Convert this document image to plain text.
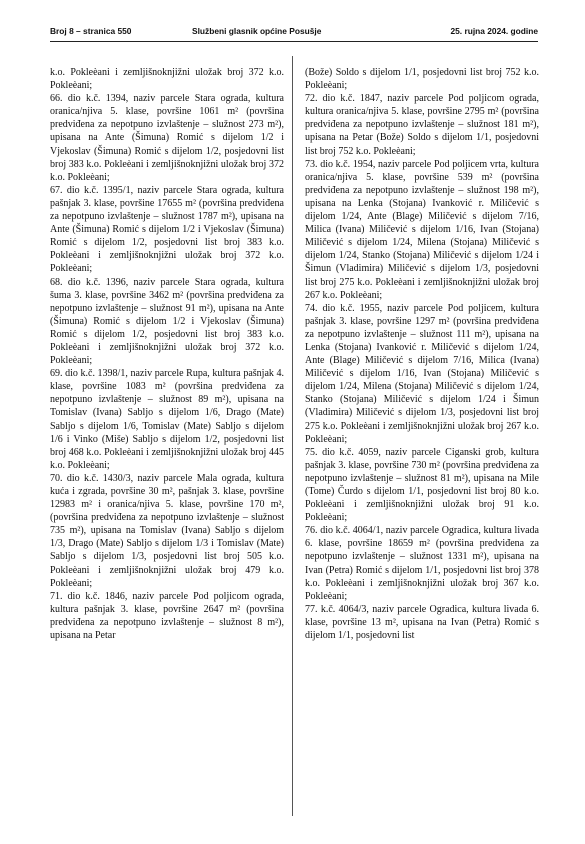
Broj 8 – stranica 550	Službeni glasnik općine Posušje	25. rujna 2024. godine

k.o. Pokleèani i zemljišnoknjižni uložak broj 372 k.o. Pokleèani;

66. dio k.č. 1394, naziv parcele Stara ograda, kultura oranica/njiva 5. klase, površine 1061 m² (površina predviđena za nepotpuno izvlaštenje – služnost 273 m²), upisana na Ante (Šimuna) Romić s dijelom 1/2 i Vjekoslav (Šimuna) Romić s dijelom 1/2, posjedovni list broj 383 k.o. Pokleèani i zemljišnoknjižni uložak broj 372 k.o. Pokleèani;

67. dio k.č. 1395/1, naziv parcele Stara ograda, kultura pašnjak 3. klase, površine 17655 m² (površina predviđena za nepotpuno izvlaštenje – služnost 1787 m²), upisana na Ante (Šimuna) Romić s dijelom 1/2 i Vjekoslav (Šimuna) Romić s dijelom 1/2, posjedovni list broj 383 k.o. Pokleèani i zemljišnoknjižni uložak broj 372 k.o. Pokleèani;

68. dio k.č. 1396, naziv parcele Stara ograda, kultura šuma 3. klase, površine 3462 m² (površina predviđena za nepotpuno izvlaštenje – služnost 91 m²), upisana na Ante (Šimuna) Romić s dijelom 1/2 i Vjekoslav (Šimuna) Romić s dijelom 1/2, posjedovni list broj 383 k.o. Pokleèani i zemljišnoknjižni uložak broj 372 k.o. Pokleèani;

69. dio k.č. 1398/1, naziv parcele Rupa, kultura pašnjak 4. klase, površine 1083 m² (površina predviđena za nepotpuno izvlaštenje – služnost 89 m²), upisana na Tomislav (Ivana) Sabljo s dijelom 1/6, Drago (Mate) Sabljo s dijelom 1/6, Tomislav (Mate) Sabljo s dijelom 1/6 i Vinko (Miše) Sabljo s dijelom 1/2, posjedovni list broj 468 k.o. Pokleèani i zemljišnoknjižni uložak broj 445 k.o. Pokleèani;

70. dio k.č. 1430/3, naziv parcele Mala ograda, kultura kuća i zgrada, površine 30 m², pašnjak 3. klase, površine 12983 m² i oranica/njiva 5. klase, površine 170 m², (površina predviđena za nepotpuno izvlaštenje – služnost 735 m²), upisana na Tomislav (Ivana) Sabljo s dijelom 1/3, Drago (Mate) Sabljo s dijelom 1/3 i Tomislav (Mate) Sabljo s dijelom 1/3, posjedovni list broj 505 k.o. Pokleèani i zemljišnoknjižni uložak broj 479 k.o. Pokleèani;

71. dio k.č. 1846, naziv parcele Pod poljicom ograda, kultura pašnjak 3. klase, površine 2647 m² (površina predviđena za nepotpuno izvlaštenje – služnost 8 m²), upisana na Petar

(Bože) Soldo s dijelom 1/1, posjedovni list broj 752 k.o. Pokleèani;

72. dio k.č. 1847, naziv parcele Pod poljicom ograda, kultura oranica/njiva 5. klase, površine 2795 m² (površina predviđena za nepotpuno izvlaštenje – služnost 181 m²), upisana na Petar (Bože) Soldo s dijelom 1/1, posjedovni list broj 752 k.o. Pokleèani;

73. dio k.č. 1954, naziv parcele Pod poljicem vrta, kultura oranica/njiva 5. klase, površine 539 m² (površina predviđena za nepotpuno izvlaštenje – služnost 198 m²), upisana na Lenka (Stojana) Ivanković r. Miličević s dijelom 1/24, Ante (Blage) Miličević s dijelom 7/16, Milica (Ivana) Miličević s dijelom 1/16, Ivan (Stojana) Miličević s dijelom 1/24, Milena (Stojana) Miličević s dijelom 1/24, Stanko (Stojana) Miličević s dijelom 1/24 i Šimun (Vladimira) Miličević s dijelom 1/3, posjedovni list broj 275 k.o. Pokleèani i zemljišnoknjižni uložak broj 267 k.o. Pokleèani;

74. dio k.č. 1955, naziv parcele Pod poljicem, kultura pašnjak 3. klase, površine 1297 m² (površina predviđena za nepotpuno izvlaštenje – služnost 111 m²), upisana na Lenka (Stojana) Ivanković r. Miličević s dijelom 1/24, Ante (Blage) Miličević s dijelom 7/16, Milica (Ivana) Miličević s dijelom 1/16, Ivan (Stojana) Miličević s dijelom 1/24, Milena (Stojana) Miličević s dijelom 1/24, Stanko (Stojana) Miličević s dijelom 1/24 i Šimun (Vladimira) Miličević s dijelom 1/3, posjedovni list broj 275 k.o. Pokleèani i zemljišnoknjižni uložak broj 267 k.o. Pokleèani;

75. dio k.č. 4059, naziv parcele Ciganski grob, kultura pašnjak 3. klase, površine 730 m² (površina predviđena za nepotpuno izvlaštenje – služnost 81 m²), upisana na Mile (Tome) Čurdo s dijelom 1/1, posjedovni list broj 80 k.o. Pokleèani i zemljišnoknjižni uložak broj 91 k.o. Pokleèani;

76. dio k.č. 4064/1, naziv parcele Ogradica, kultura livada 6. klase, površine 18659 m² (površina predviđena za nepotpuno izvlaštenje – služnost 1331 m²), upisana na Ivan (Petra) Romić s dijelom 1/1, posjedovni list broj 378 k.o. Pokleèani i zemljišnoknjižni uložak broj 367 k.o. Pokleèani;

77. k.č. 4064/3, naziv parcele Ogradica, kultura livada 6. klase, površine 13 m², upisana na Ivan (Petra) Romić s dijelom 1/1, posjedovni list
